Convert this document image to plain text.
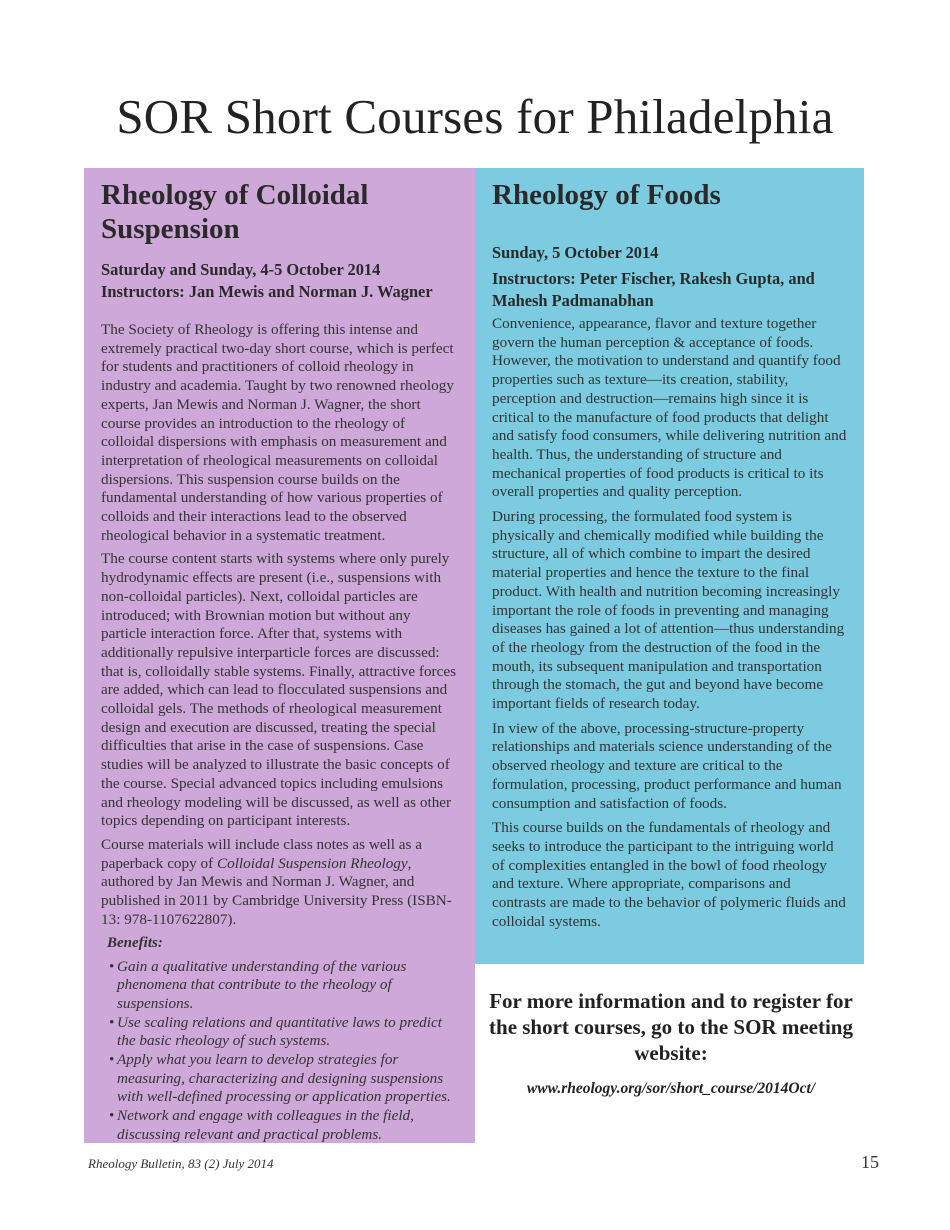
SOR Short Courses for Philadelphia
Rheology of Colloidal Suspension
Saturday and Sunday, 4-5 October 2014
Instructors: Jan Mewis and Norman J. Wagner

The Society of Rheology is offering this intense and extremely practical two-day short course, which is perfect for students and practitioners of colloid rheology in industry and academia. Taught by two renowned rheology experts, Jan Mewis and Norman J. Wagner, the short course provides an introduction to the rheology of colloidal dispersions with emphasis on measurement and interpretation of rheological measurements on colloidal dispersions. This suspension course builds on the fundamental understanding of how various properties of colloids and their interactions lead to the observed rheological behavior in a systematic treatment.

The course content starts with systems where only purely hydrodynamic effects are present (i.e., suspensions with non-colloidal particles). Next, colloidal particles are introduced; with Brownian motion but without any particle interaction force. After that, systems with additionally repulsive interparticle forces are discussed: that is, colloidally stable systems. Finally, attractive forces are added, which can lead to flocculated suspensions and colloidal gels. The methods of rheological measurement design and execution are discussed, treating the special difficulties that arise in the case of suspensions. Case studies will be analyzed to illustrate the basic concepts of the course. Special advanced topics including emulsions and rheology modeling will be discussed, as well as other topics depending on participant interests.

Course materials will include class notes as well as a paperback copy of Colloidal Suspension Rheology, authored by Jan Mewis and Norman J. Wagner, and published in 2011 by Cambridge University Press (ISBN-13: 978-1107622807).

Benefits:
• Gain a qualitative understanding of the various phenomena that contribute to the rheology of suspensions.
• Use scaling relations and quantitative laws to predict the basic rheology of such systems.
• Apply what you learn to develop strategies for measuring, characterizing and designing suspensions with well-defined processing or application properties.
• Network and engage with colleagues in the field, discussing relevant and practical problems.
Rheology of Foods
Sunday, 5 October 2014
Instructors: Peter Fischer, Rakesh Gupta, and Mahesh Padmanabhan

Convenience, appearance, flavor and texture together govern the human perception & acceptance of foods. However, the motivation to understand and quantify food properties such as texture—its creation, stability, perception and destruction—remains high since it is critical to the manufacture of food products that delight and satisfy food consumers, while delivering nutrition and health. Thus, the understanding of structure and mechanical properties of food products is critical to its overall properties and quality perception.

During processing, the formulated food system is physically and chemically modified while building the structure, all of which combine to impart the desired material properties and hence the texture to the final product. With health and nutrition becoming increasingly important the role of foods in preventing and managing diseases has gained a lot of attention—thus understanding of the rheology from the destruction of the food in the mouth, its subsequent manipulation and transportation through the stomach, the gut and beyond have become important fields of research today.

In view of the above, processing-structure-property relationships and materials science understanding of the observed rheology and texture are critical to the formulation, processing, product performance and human consumption and satisfaction of foods.

This course builds on the fundamentals of rheology and seeks to introduce the participant to the intriguing world of complexities entangled in the bowl of food rheology and texture. Where appropriate, comparisons and contrasts are made to the behavior of polymeric fluids and colloidal systems.

For more information and to register for the short courses, go to the SOR meeting website:
www.rheology.org/sor/short_course/2014Oct/
Rheology Bulletin, 83 (2) July 2014	15
